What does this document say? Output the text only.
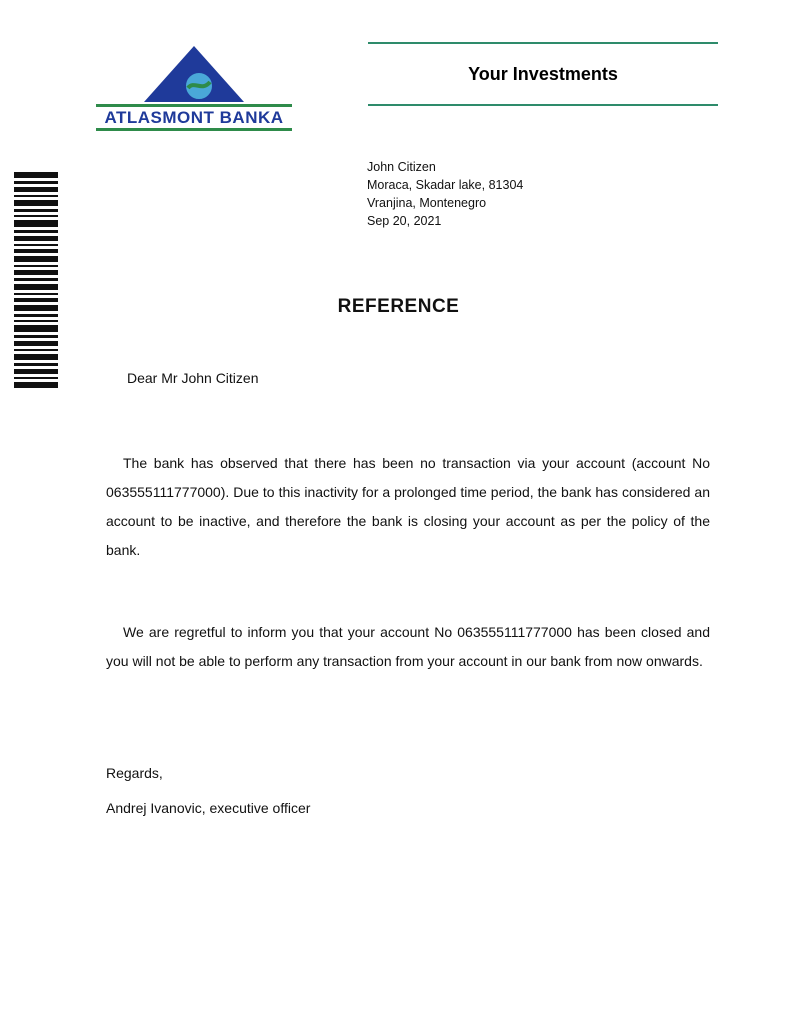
ATLASMONT BANKA
Your Investments
John Citizen
Moraca, Skadar lake, 81304
Vranjina, Montenegro
Sep 20, 2021
REFERENCE
Dear Mr John Citizen
The bank has observed that there has been no transaction via your account (account No 063555111777000). Due to this inactivity for a prolonged time period, the bank has considered an account to be inactive, and therefore the bank is closing your account as per the policy of the bank.
We are regretful to inform you that your account No 063555111777000 has been closed and you will not be able to perform any transaction from your account in our bank from now onwards.
Regards,
Andrej Ivanovic, executive officer
